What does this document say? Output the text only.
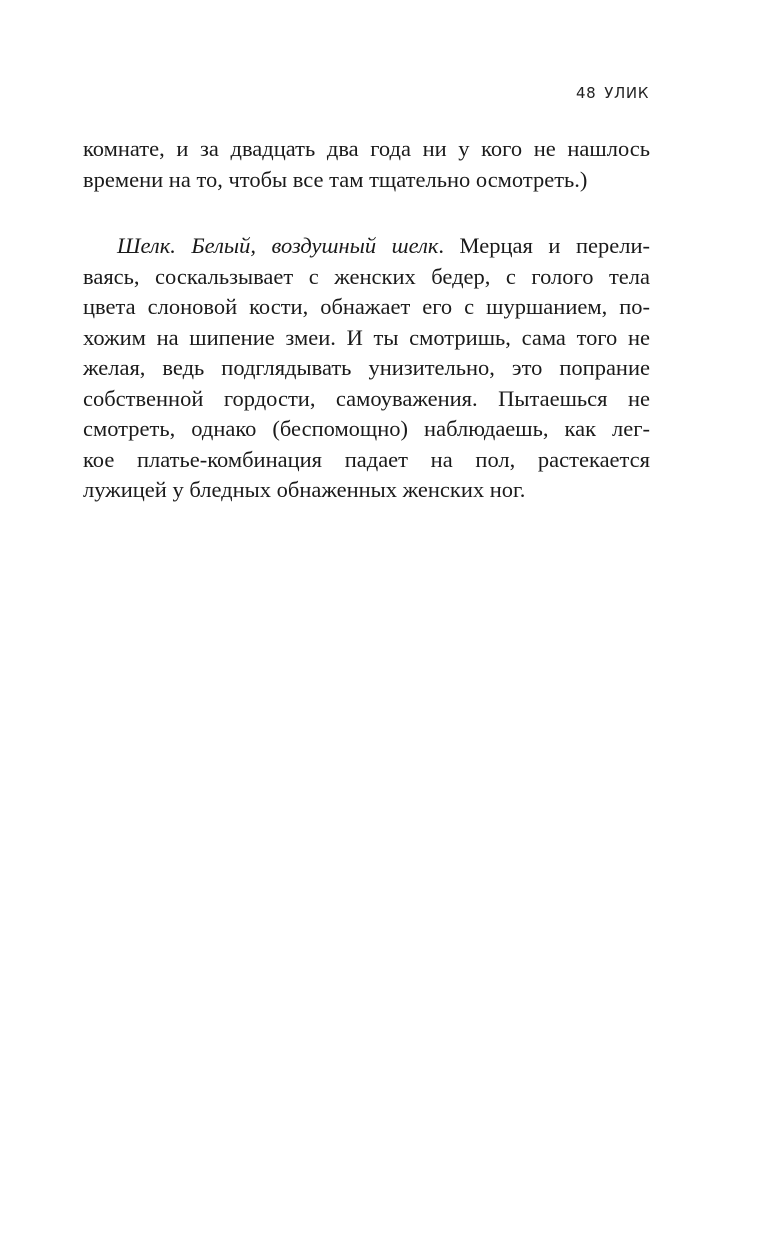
48 УЛИК
комнате, и за двадцать два года ни у кого не нашлось
времени на то, чтобы все там тщательно осмотреть.)
Шелк. Белый, воздушный шелк. Мерцая и перели-
ваясь, соскальзывает с женских бедер, с голого тела
цвета слоновой кости, обнажает его с шуршанием, по-
хожим на шипение змеи. И ты смотришь, сама того не
желая, ведь подглядывать унизительно, это попрание
собственной гордости, самоуважения. Пытаешься не
смотреть, однако (беспомощно) наблюдаешь, как лег-
кое платье-комбинация падает на пол, растекается
лужицей у бледных обнаженных женских ног.
